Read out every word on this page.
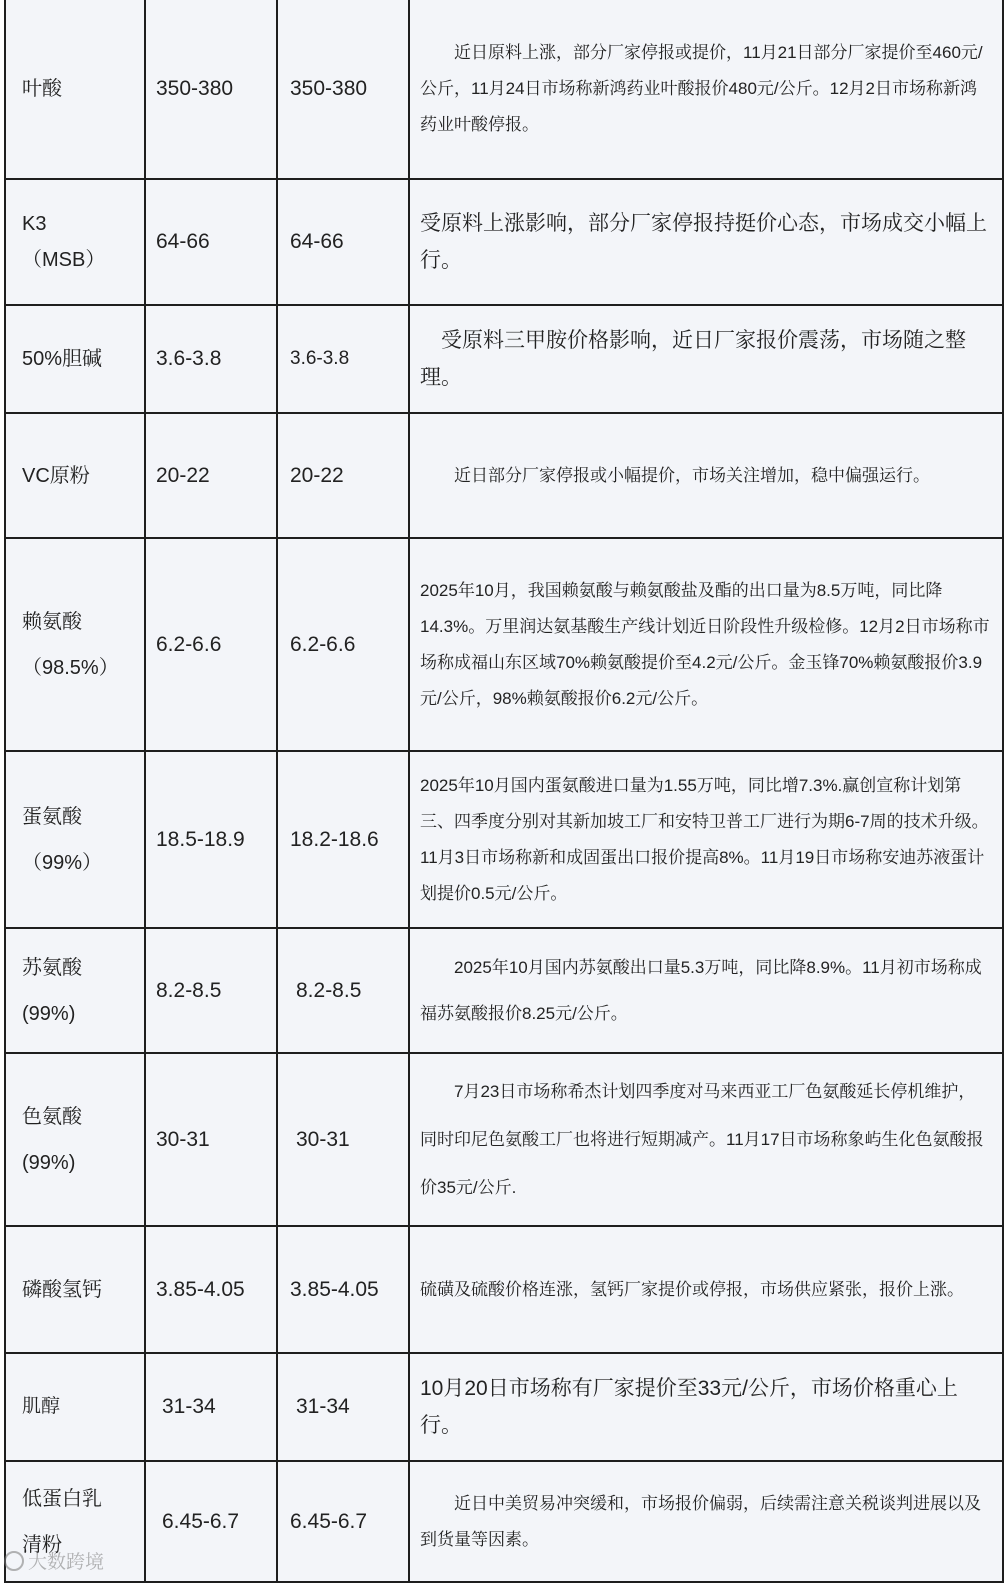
叶酸	350-380	350-380	近日原料上涨，部分厂家停报或提价，11月21日部分厂家提价至460元/公斤，11月24日市场称新鸿药业叶酸报价480元/公斤。12月2日市场称新鸿药业叶酸停报。

K3
（MSB）	64-66	64-66	受原料上涨影响，部分厂家停报持挺价心态，市场成交小幅上行。
50%胆碱	3.6-3.8	3.6-3.8	受原料三甲胺价格影响，近日厂家报价震荡，市场随之整理。
VC原粉	20-22	20-22	近日部分厂家停报或小幅提价，市场关注增加，稳中偏强运行。

赖氨酸
（98.5%）	6.2-6.6	6.2-6.6	2025年10月，我国赖氨酸与赖氨酸盐及酯的出口量为8.5万吨，同比降14.3%。万里润达氨基酸生产线计划近日阶段性升级检修。12月2日市场称市场称成福山东区域70%赖氨酸提价至4.2元/公斤。金玉锋70%赖氨酸报价3.9元/公斤，98%赖氨酸报价6.2元/公斤。

蛋氨酸
（99%）	18.5-18.9	18.2-18.6	2025年10月国内蛋氨酸进口量为1.55万吨，同比增7.3%.赢创宣称计划第三、四季度分别对其新加坡工厂和安特卫普工厂进行为期6-7周的技术升级。11月3日市场称新和成固蛋出口报价提高8%。11月19日市场称安迪苏液蛋计划提价0.5元/公斤。

苏氨酸
(99%)	8.2-8.5	8.2-8.5	2025年10月国内苏氨酸出口量5.3万吨，同比降8.9%。11月初市场称成福苏氨酸报价8.25元/公斤。

色氨酸
(99%)	30-31	30-31	7月23日市场称希杰计划四季度对马来西亚工厂色氨酸延长停机维护，同时印尼色氨酸工厂也将进行短期减产。11月17日市场称象屿生化色氨酸报价35元/公斤.
磷酸氢钙	3.85-4.05	3.85-4.05	硫磺及硫酸价格连涨，氢钙厂家提价或停报，市场供应紧张，报价上涨。
肌醇	31-34	31-34	10月20日市场称有厂家提价至33元/公斤，市场价格重心上行。

低蛋白乳
清粉	6.45-6.7	6.45-6.7	近日中美贸易冲突缓和，市场报价偏弱，后续需注意关税谈判进展以及到货量等因素。
大数跨境
